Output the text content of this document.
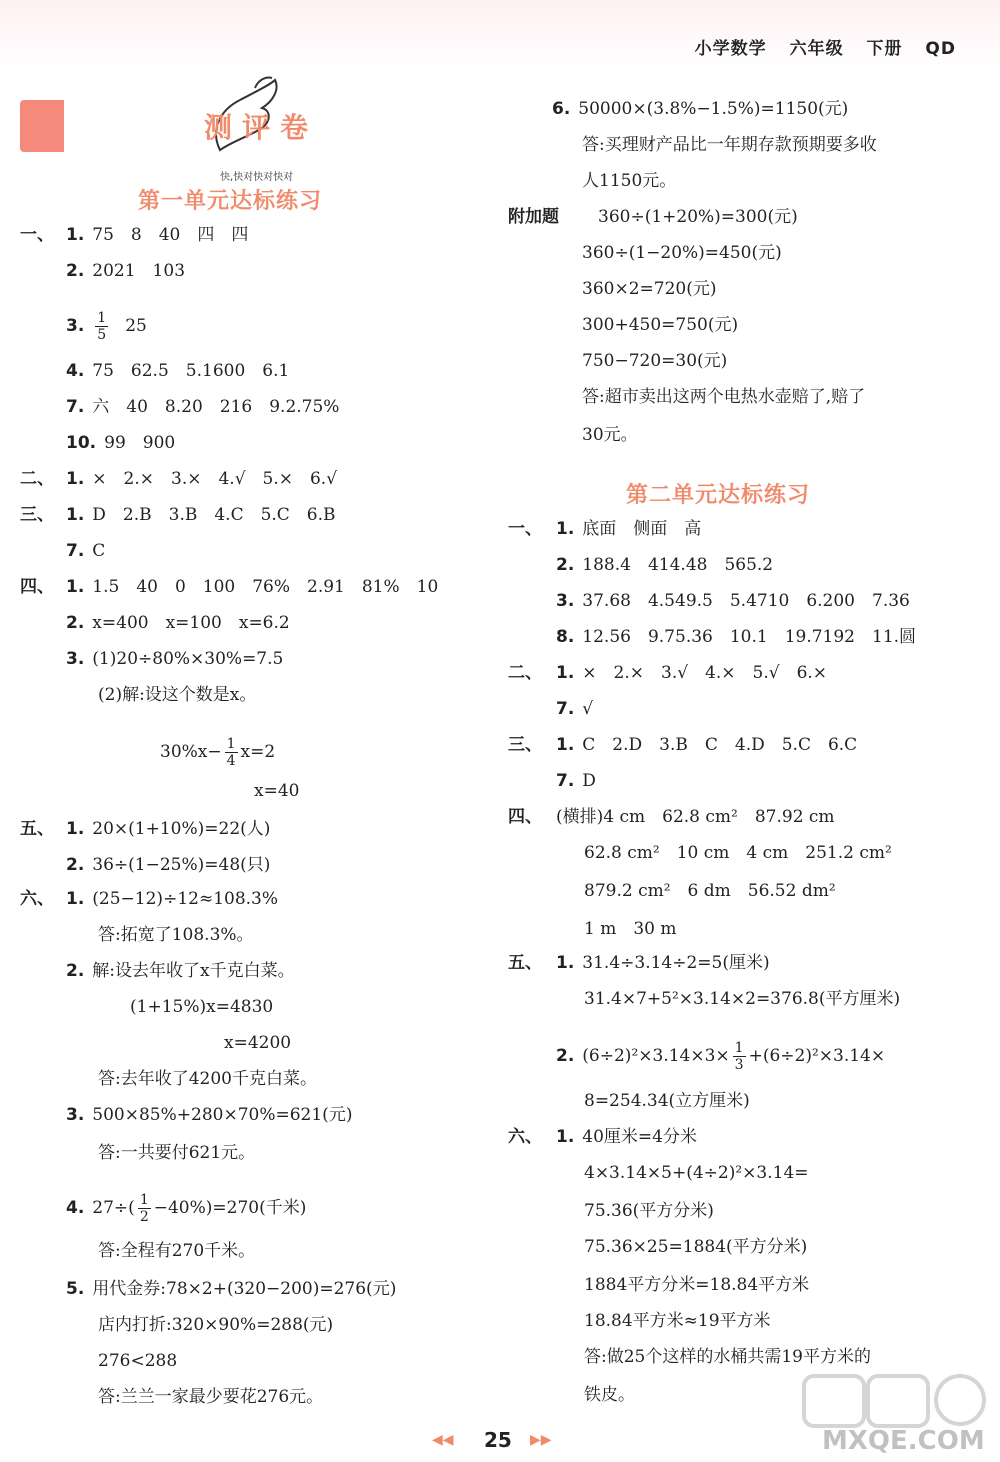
小学数学 六年级 下册 QD
测评卷
快,快对快对快对
第一单元达标练习
第二单元达标练习
一、 1. 75　8　40　四　四
2. 2021　103
3. $\frac{1}{5} 25$
4. 75　62.5　5.1600　6.1
7. 六　40　8.20　216　9.2.75%
10. 99　900
二、 1. ×　2.×　3.×　4.√　5.×　6.√
三、 1. D　2.B　3.B　4.C　5.C　6.B
7. C
四、 1. 1.5　40　0　100　76%　2.91　81%　10
2. x=400　x=100　x=6.2
3. (1)20÷80%×30%=7.5
(2)解:设这个数是x。
$30\%x- \frac{1}{4} x=2$
x=40
五、 1. 20×(1+10%)=22(人)
2. 36÷(1−25%)=48(只)
六、 1. (25−12)÷12≈108.3%
答:拓宽了108.3%。
2. 解:设去年收了x千克白菜。
(1+15%)x=4830
x=4200
答:去年收了4200千克白菜。
3. 500×85%+280×70%=621(元)
答:一共要付621元。
4. $27\div( \frac{1}{2} -40\%)=270$(千米)
答:全程有270千米。
5. 用代金券:78×2+(320−200)=276(元)
店内打折:320×90%=288(元)
276<288
答:兰兰一家最少要花276元。
6. 50000×(3.8%−1.5%)=1150(元)
答:买理财产品比一年期存款预期要多收
人1150元。
附加题 360÷(1+20%)=300(元)
360÷(1−20%)=450(元)
360×2=720(元)
300+450=750(元)
750−720=30(元)
答:超市卖出这两个电热水壶赔了,赔了
30元。
一、 1. 底面　侧面　高
2. 188.4　414.48　565.2
3. 37.68　4.549.5　5.4710　6.200　7.36
8. 12.56　9.75.36　10.1　19.7192　11.圆
二、 1. ×　2.×　3.√　4.×　5.√　6.×
7. √
三、 1. C　2.D　3.B　C　4.D　5.C　6.C
7. D
四、 (横排)4 cm　62.8 cm²　87.92 cm
62.8 cm²　10 cm　4 cm　251.2 cm²
879.2 cm²　6 dm　56.52 dm²
1 m　30 m
五、 1. 31.4÷3.14÷2=5(厘米)
31.4×7+5²×3.14×2=376.8(平方厘米)
2. $(6\div 2)^2\times 3.14\times 3\times \frac{1}{3} +(6\div 2)^2\times 3.14\times$
8=254.34(立方厘米)
六、 1. 40厘米=4分米
4×3.14×5+(4÷2)²×3.14=
75.36(平方分米)
75.36×25=1884(平方分米)
1884平方分米=18.84平方米
18.84平方米≈19平方米
答:做25个这样的水桶共需19平方米的
铁皮。
◀◀ 25 ▶▶	MXQE.COM
